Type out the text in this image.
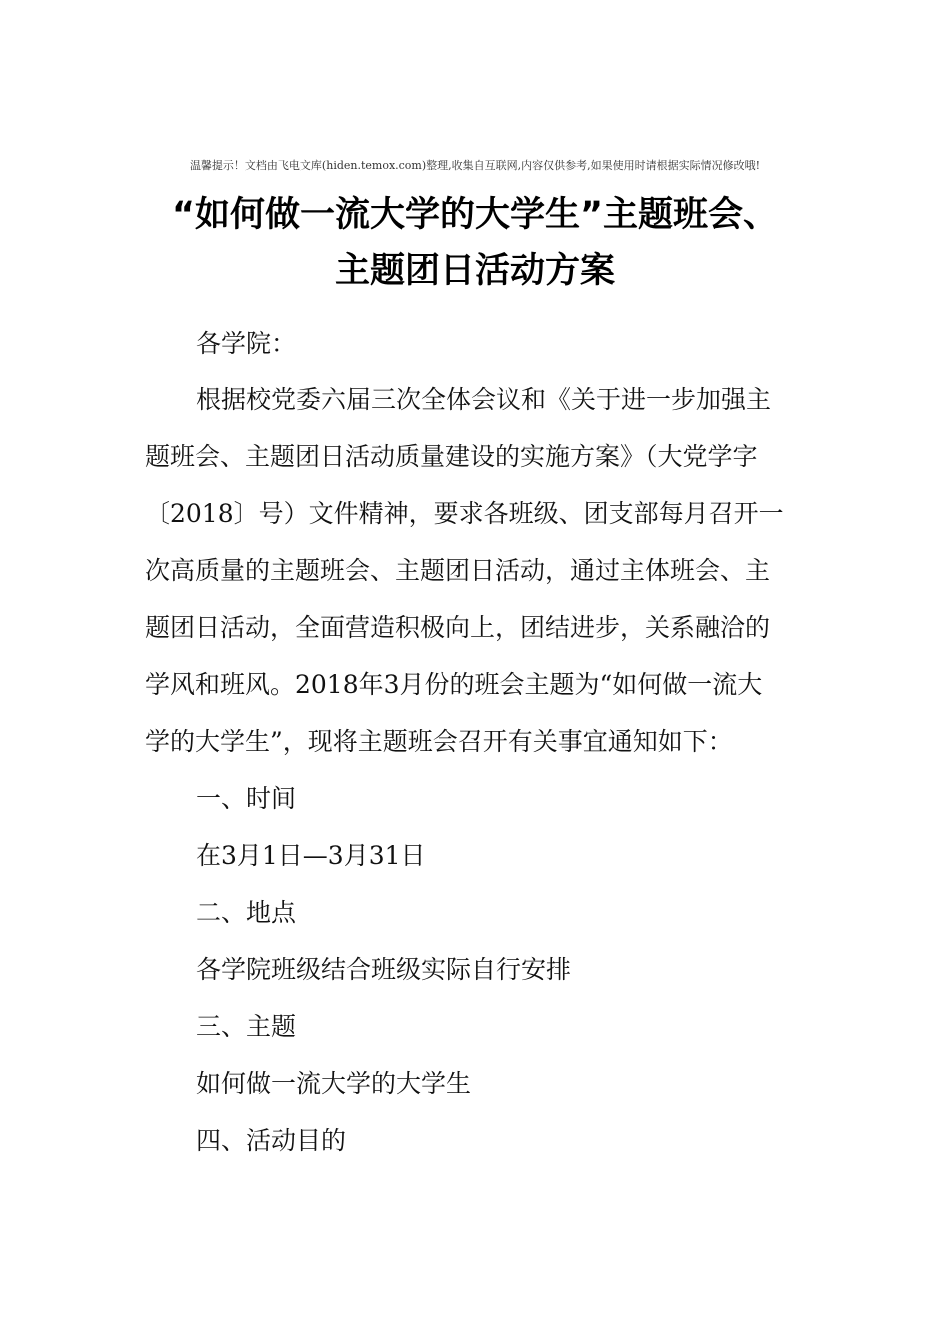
温馨提示！文档由飞电文库(hiden.temox.com)整理,收集自互联网,内容仅供参考,如果使用时请根据实际情况修改哦!
“如何做一流大学的大学生”主题班会、
主题团日活动方案
各学院：
根据校党委六届三次全体会议和《关于进一步加强主
题班会、主题团日活动质量建设的实施方案》（大党学字
〔2018〕号）文件精神，要求各班级、团支部每月召开一
次高质量的主题班会、主题团日活动，通过主体班会、主
题团日活动，全面营造积极向上，团结进步，关系融洽的
学风和班风。2018年3月份的班会主题为“如何做一流大
学的大学生”，现将主题班会召开有关事宜通知如下：
一、时间
在3月1日—3月31日
二、地点
各学院班级结合班级实际自行安排
三、主题
如何做一流大学的大学生
四、活动目的
